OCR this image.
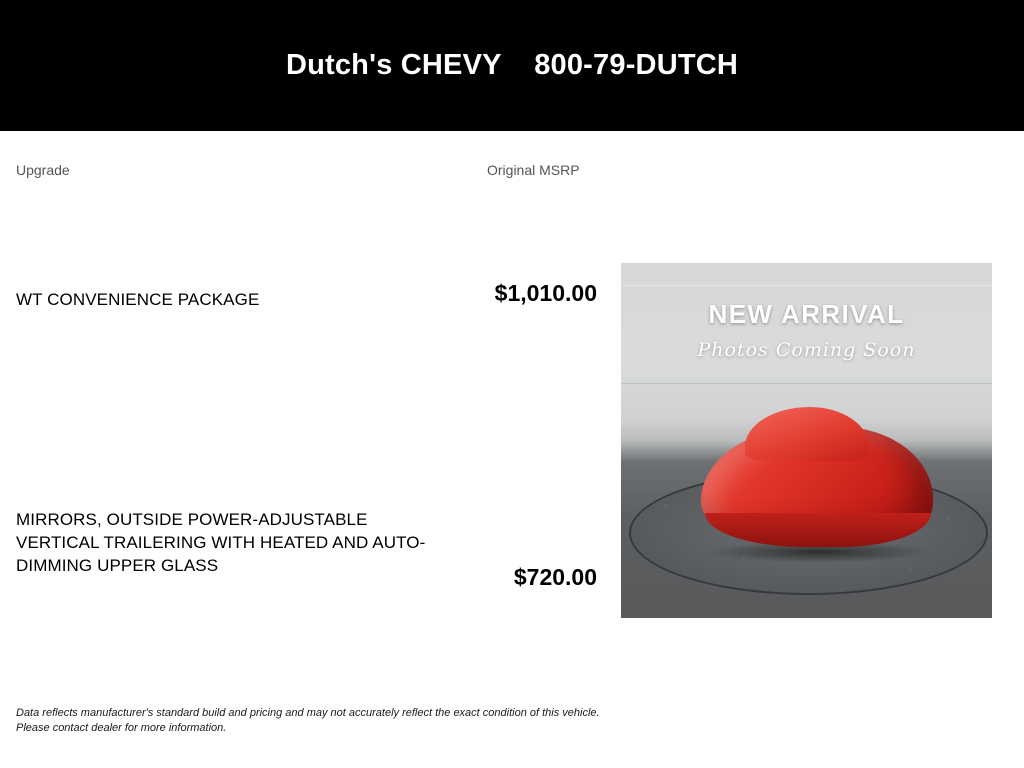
Dutch's CHEVY    800-79-DUTCH
Upgrade	Original MSRP
WT CONVENIENCE PACKAGE	$1,010.00
MIRRORS, OUTSIDE POWER-ADJUSTABLE VERTICAL TRAILERING WITH HEATED AND AUTO-DIMMING UPPER GLASS	$720.00
NEW ARRIVAL
Photos Coming Soon
Data reflects manufacturer's standard build and pricing and may not accurately reflect the exact condition of this vehicle.
Please contact dealer for more information.
